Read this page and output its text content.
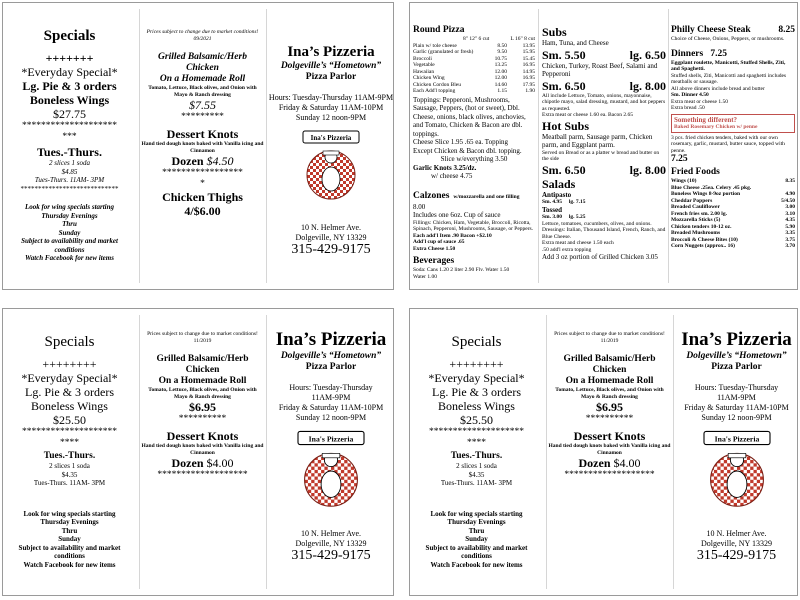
Specials
+++++++
*Everyday Special*
Lg. Pie & 3 orders
Boneless Wings
$27.75
********************
***
Tues.-Thurs.
2 slices 1 soda
$4.85
Tues-Thurs. 11AM- 3PM
****************************
Look for wing specials starting
Thursday Evenings
Thru
Sunday
Subject to availability and market
conditions
Watch Facebook for new items
Prices subject to change due to market conditions!
09/2021
Grilled Balsamic/Herb
Chicken
On a Homemade Roll
Tomato, Lettuce, Black olives, and Onion with Mayo & Ranch dressing
$7.55
*********
Dessert Knots
Hand tied dough knots baked with Vanilla icing and Cinnamon
Dozen $4.50
*****************
*
Chicken Thighs
4/$6.00
Ina’s Pizzeria
Dolgeville’s “Hometown”
Pizza Parlor
Hours: Tuesday-Thursday 11AM-9PM
Friday & Saturday 11AM-10PM
Sunday 12 noon-9PM
Ina's Pizzeria
10 N. Helmer Ave.
Dolgeville, NY 13329
315-429-9175
Round Pizza
8" 12" 6 cut	L 16" 8 cut
Plain w/ tole cheese	8.50	13.95
Garlic (granulated or fresh)	9.50	15.95
Broccoli	10.75	15.45
Vegetable	13.25	16.95
Hawaiian	12.00	14.95
Chicken Wing	12.00	16.95
Chicken Cordon Bleu	14.60	17.95
Each Add'l topping	1.15	1.90
Toppings: Pepperoni, Mushrooms, Sausage, Peppers, (hot or sweet), Dbl. Cheese, onions, black olives, anchovies, and Tomato, Chicken & Bacon are dbl. toppings.
Cheese Slice 1.95 .65 ea. Topping
Except Chicken & Bacon dbl. topping.
Slice w/everything 3.50
Garlic Knots 3.25/dz.
w/ cheese 4.75
Calzones w/mozzarella and one filling
8.00
Includes one 6oz. Cup of sauce
Fillings: Chicken, Ham, Vegetable, Broccoli, Ricotta, Spinach, Pepperoni, Mushrooms, Sausage, or Peppers.
Each add'l Item .90 Bacon +$2.10
Add'l cup of sauce .65
Extra Cheese 1.50
Beverages
Soda: Cans 1.20 2 liter 2.90 Flv. Water 1.50
Water 1.00
Subs
Ham, Tuna, and Cheese
Sm. 5.50	lg. 6.50
Chicken, Turkey, Roast Beef, Salami and Pepperoni
Sm. 6.50	lg. 8.00
All include Lettuce, Tomato, onions, mayonnaise, chipotle mayo, salad dressing, mustard, and hot peppers as requested.
Extra meat or cheese 1.60 ea. Bacon 2.65
Hot Subs
Meatball parm, Sausage parm, Chicken parm, and Eggplant parm.
Served on Bread or as a platter w bread and butter on the side
Sm. 6.50	lg. 8.00
Salads
Antipasto
Sm. 4.95 lg. 7.15
Tossed
Sm. 3.00 lg. 5.25
Lettuce, tomatoes, cucumbers, olives, and onions.
Dressings: Italian, Thousand Island, French, Ranch, and Blue Cheese.
Extra meat and cheese 1.50 each
.50 add'l extra topping
Add 3 oz portion of Grilled Chicken 3.05
Philly Cheese Steak	8.25
Choice of Cheese, Onions, Peppers, or mushrooms.
Dinners 7.25
Eggplant roulette, Manicotti, Stuffed Shells, Ziti, and Spaghetti.
Stuffed shells, Ziti, Manicotti and spaghetti includes meatballs or sausage.
All above dinners include bread and butter
Sm. Dinner 4.50
Extra meat or cheese 1.50
Extra bread .50
Something different?
Baked Rosemary Chicken w/ penne
3 pcs. fried chicken tenders, baked with our own rosemary, garlic, mustard, butter sauce, topped with penne.
7.25
Fried Foods
Wings (10)	8.35
Blue Cheese .25ea. Celery .45 pkg.
Boneless Wings 8-9oz portion	4.90
Cheddar Poppers	5/4.50
Breaded Cauliflower	3.00
French fries sm. 2.00 lg.	3.10
Mozzarella Sticks (5)	4.35
Chicken tenders 10-12 oz.	5.90
Breaded Mushrooms	3.35
Broccoli & Cheese Bites (10)	3.75
Corn Nuggets (approx.. 16)	3.70
Specials
++++++++
*Everyday Special*
Lg. Pie & 3 orders
Boneless Wings
$25.50
********************
****
Tues.-Thurs.
2 slices 1 soda
$4.35
Tues-Thurs. 11AM- 3PM
Look for wing specials starting
Thursday Evenings
Thru
Sunday
Subject to availability and market
conditions
Watch Facebook for new items
Prices subject to change due to market conditions!
11/2019
Grilled Balsamic/Herb
Chicken
On a Homemade Roll
Tomato, Lettuce, Black olives, and Onion with Mayo & Ranch dressing
$6.95
**********
Dessert Knots
Hand tied dough knots baked with Vanilla icing and Cinnamon
Dozen $4.00
*******************
Ina’s Pizzeria
Dolgeville’s “Hometown”
Pizza Parlor
Hours: Tuesday-Thursday
11AM-9PM
Friday & Saturday 11AM-10PM
Sunday 12 noon-9PM
Ina's Pizzeria
10 N. Helmer Ave.
Dolgeville, NY 13329
315-429-9175
Specials
++++++++
*Everyday Special*
Lg. Pie & 3 orders
Boneless Wings
$25.50
********************
****
Tues.-Thurs.
2 slices 1 soda
$4.35
Tues-Thurs. 11AM- 3PM
Look for wing specials starting
Thursday Evenings
Thru
Sunday
Subject to availability and market
conditions
Watch Facebook for new items
Prices subject to change due to market conditions!
11/2019
Grilled Balsamic/Herb
Chicken
On a Homemade Roll
Tomato, Lettuce, Black olives, and Onion with Mayo & Ranch dressing
$6.95
**********
Dessert Knots
Hand tied dough knots baked with Vanilla icing and Cinnamon
Dozen $4.00
*******************
Ina’s Pizzeria
Dolgeville’s “Hometown”
Pizza Parlor
Hours: Tuesday-Thursday
11AM-9PM
Friday & Saturday 11AM-10PM
Sunday 12 noon-9PM
Ina's Pizzeria
10 N. Helmer Ave.
Dolgeville, NY 13329
315-429-9175
